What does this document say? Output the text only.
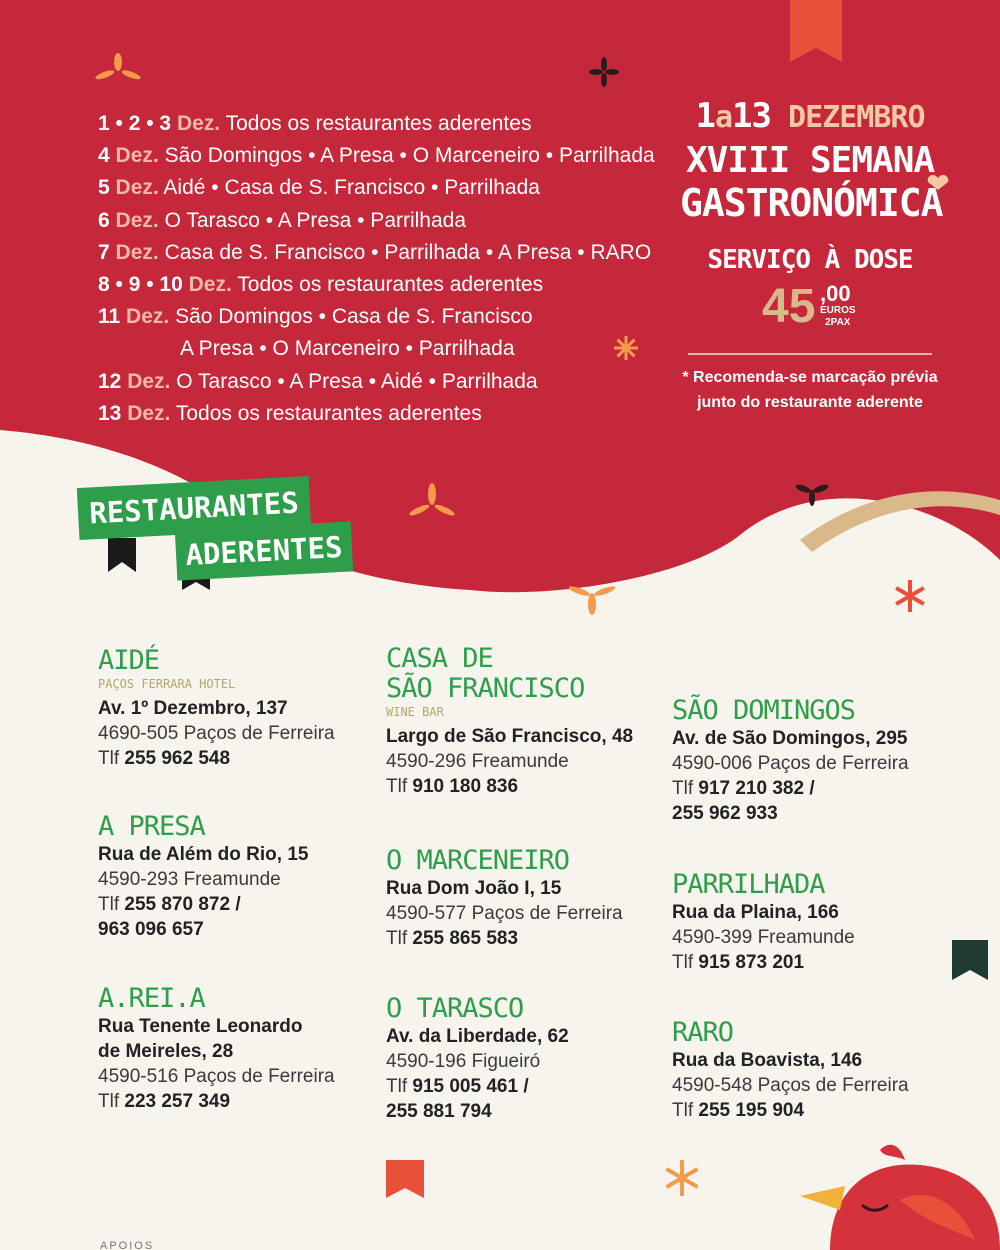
1 • 2 • 3 Dez. Todos os restaurantes aderentes
4 Dez. São Domingos • A Presa • O Marceneiro • Parrilhada
5 Dez. Aidé • Casa de S. Francisco • Parrilhada
6 Dez. O Tarasco • A Presa • Parrilhada
7 Dez. Casa de S. Francisco • Parrilhada • A Presa • RARO
8 • 9 • 10 Dez. Todos os restaurantes aderentes
11 Dez. São Domingos • Casa de S. Francisco
A Presa • O Marceneiro • Parrilhada
12 Dez. O Tarasco • A Presa • Aidé • Parrilhada
13 Dez. Todos os restaurantes aderentes
1a13 DEZEMBRO
XVIII SEMANA
GASTRONÓMICA
SERVIÇO À DOSE
45 ,00
EUROS
2PAX
* Recomenda-se marcação prévia junto do restaurante aderente
RESTAURANTES
ADERENTES
AIDÉ
PAÇOS FERRARA HOTEL
Av. 1º Dezembro, 137
4690-505 Paços de Ferreira
Tlf 255 962 548
A PRESA
Rua de Além do Rio, 15
4590-293 Freamunde
Tlf 255 870 872 /
963 096 657
A.REI.A
Rua Tenente Leonardo
de Meireles, 28
4590-516 Paços de Ferreira
Tlf 223 257 349
CASA DE
SÃO FRANCISCO
WINE BAR
Largo de São Francisco, 48
4590-296 Freamunde
Tlf 910 180 836
O MARCENEIRO
Rua Dom João I, 15
4590-577 Paços de Ferreira
Tlf 255 865 583
O TARASCO
Av. da Liberdade, 62
4590-196 Figueiró
Tlf 915 005 461 /
255 881 794
SÃO DOMINGOS
Av. de São Domingos, 295
4590-006 Paços de Ferreira
Tlf 917 210 382 /
255 962 933
PARRILHADA
Rua da Plaina, 166
4590-399 Freamunde
Tlf 915 873 201
RARO
Rua da Boavista, 146
4590-548 Paços de Ferreira
Tlf 255 195 904
APOIOS
